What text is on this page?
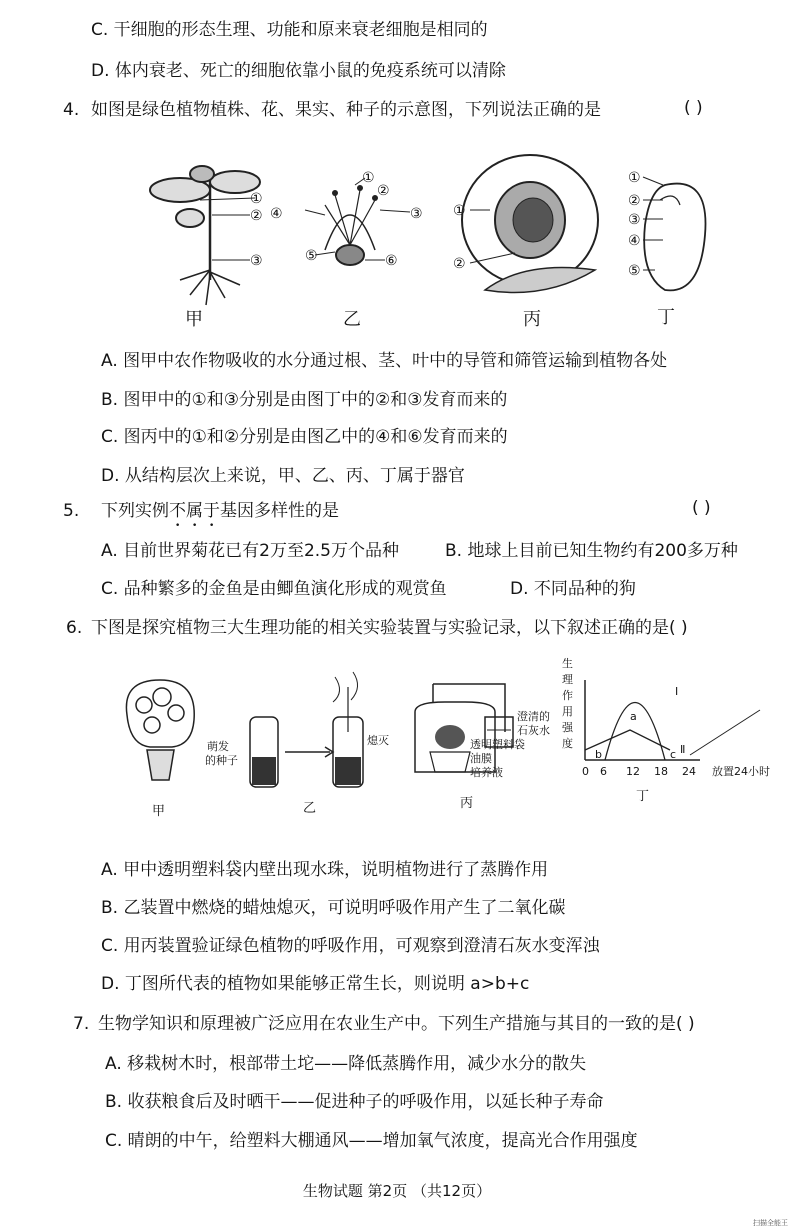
C. 干细胞的形态生理、功能和原来衰老细胞是相同的
D. 体内衰老、死亡的细胞依靠小鼠的免疫系统可以清除
4. 如图是绿色植物植株、花、果实、种子的示意图，下列说法正确的是	( )
①
②
③
甲
①
②
③
④
⑤	⑥
乙
①
②
丙
①
②
③
④
⑤
丁
A. 图甲中农作物吸收的水分通过根、茎、叶中的导管和筛管运输到植物各处
B. 图甲中的①和③分别是由图丁中的②和③发育而来的
C. 图丙中的①和②分别是由图乙中的④和⑥发育而来的
D. 从结构层次上来说，甲、乙、丙、丁属于器官
5. 下列实例不属于基因多样性的是	( )
A. 目前世界菊花已有2万至2.5万个品种	B. 地球上目前已知生物约有200多万种
C. 品种繁多的金鱼是由鲫鱼演化形成的观赏鱼	D. 不同品种的狗
6. 下图是探究植物三大生理功能的相关实验装置与实验记录，以下叙述正确的是( )
甲
萌发
的种子
熄灭
乙
澄清的
石灰水
透明塑料袋
油膜
培养液
丙
生
理
作
用
强
度
Ⅰ
Ⅱ
a
b	c
0 6 12 18 24 放置24小时
丁
A. 甲中透明塑料袋内壁出现水珠，说明植物进行了蒸腾作用
B. 乙装置中燃烧的蜡烛熄灭，可说明呼吸作用产生了二氧化碳
C. 用丙装置验证绿色植物的呼吸作用，可观察到澄清石灰水变浑浊
D. 丁图所代表的植物如果能够正常生长，则说明 a>b+c
7. 生物学知识和原理被广泛应用在农业生产中。下列生产措施与其目的一致的是( )
A. 移栽树木时，根部带土坨——降低蒸腾作用，减少水分的散失
B. 收获粮食后及时晒干——促进种子的呼吸作用，以延长种子寿命
C. 晴朗的中午，给塑料大棚通风——增加氧气浓度，提高光合作用强度
生物试题 第2页 （共12页）
扫描全能王
